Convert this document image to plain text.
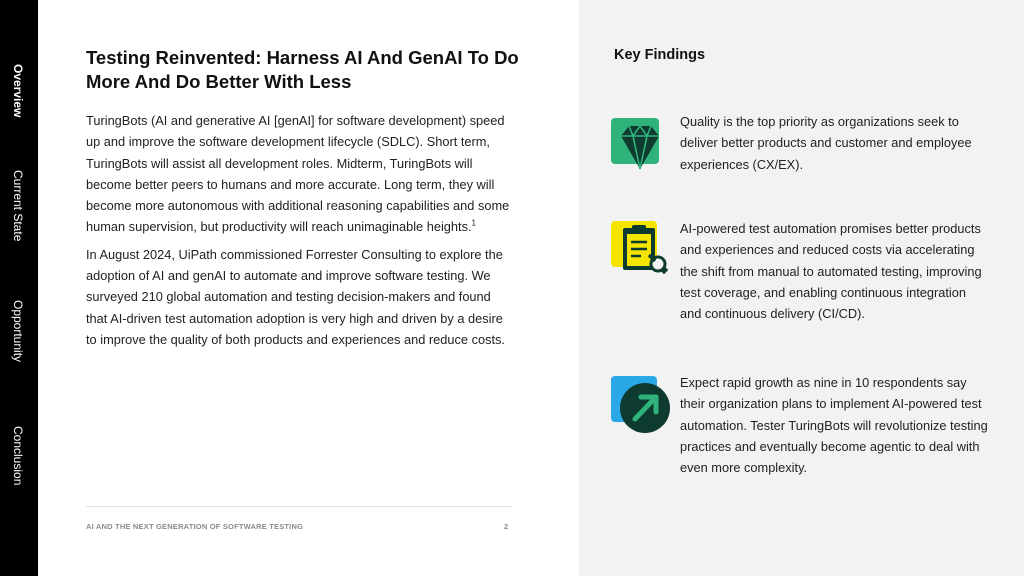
Overview
Current State
Opportunity
Conclusion
Testing Reinvented: Harness AI And GenAI To Do More And Do Better With Less

TuringBots (AI and generative AI [genAI] for software development) speed up and improve the software development lifecycle (SDLC). Short term, TuringBots will assist all development roles. Midterm, TuringBots will become better peers to humans and more accurate. Long term, they will become more autonomous with additional reasoning capabilities and some human supervision, but productivity will reach unimaginable heights.$^1$

In August 2024, UiPath commissioned Forrester Consulting to explore the adoption of AI and genAI to automate and improve software testing. We surveyed 210 global automation and testing decision-makers and found that AI-driven test automation adoption is very high and driven by a desire to improve the quality of both products and experiences and reduce costs.

AI AND THE NEXT GENERATION OF SOFTWARE TESTING	2
Key Findings
Quality is the top priority as organizations seek to deliver better products and customer and employee experiences (CX/EX).
AI-powered test automation promises better products and experiences and reduced costs via accelerating the shift from manual to automated testing, improving test coverage, and enabling continuous integration and continuous delivery (CI/CD).
Expect rapid growth as nine in 10 respondents say their organization plans to implement AI-powered test automation. Tester TuringBots will revolutionize testing practices and eventually become agentic to deal with even more complexity.
